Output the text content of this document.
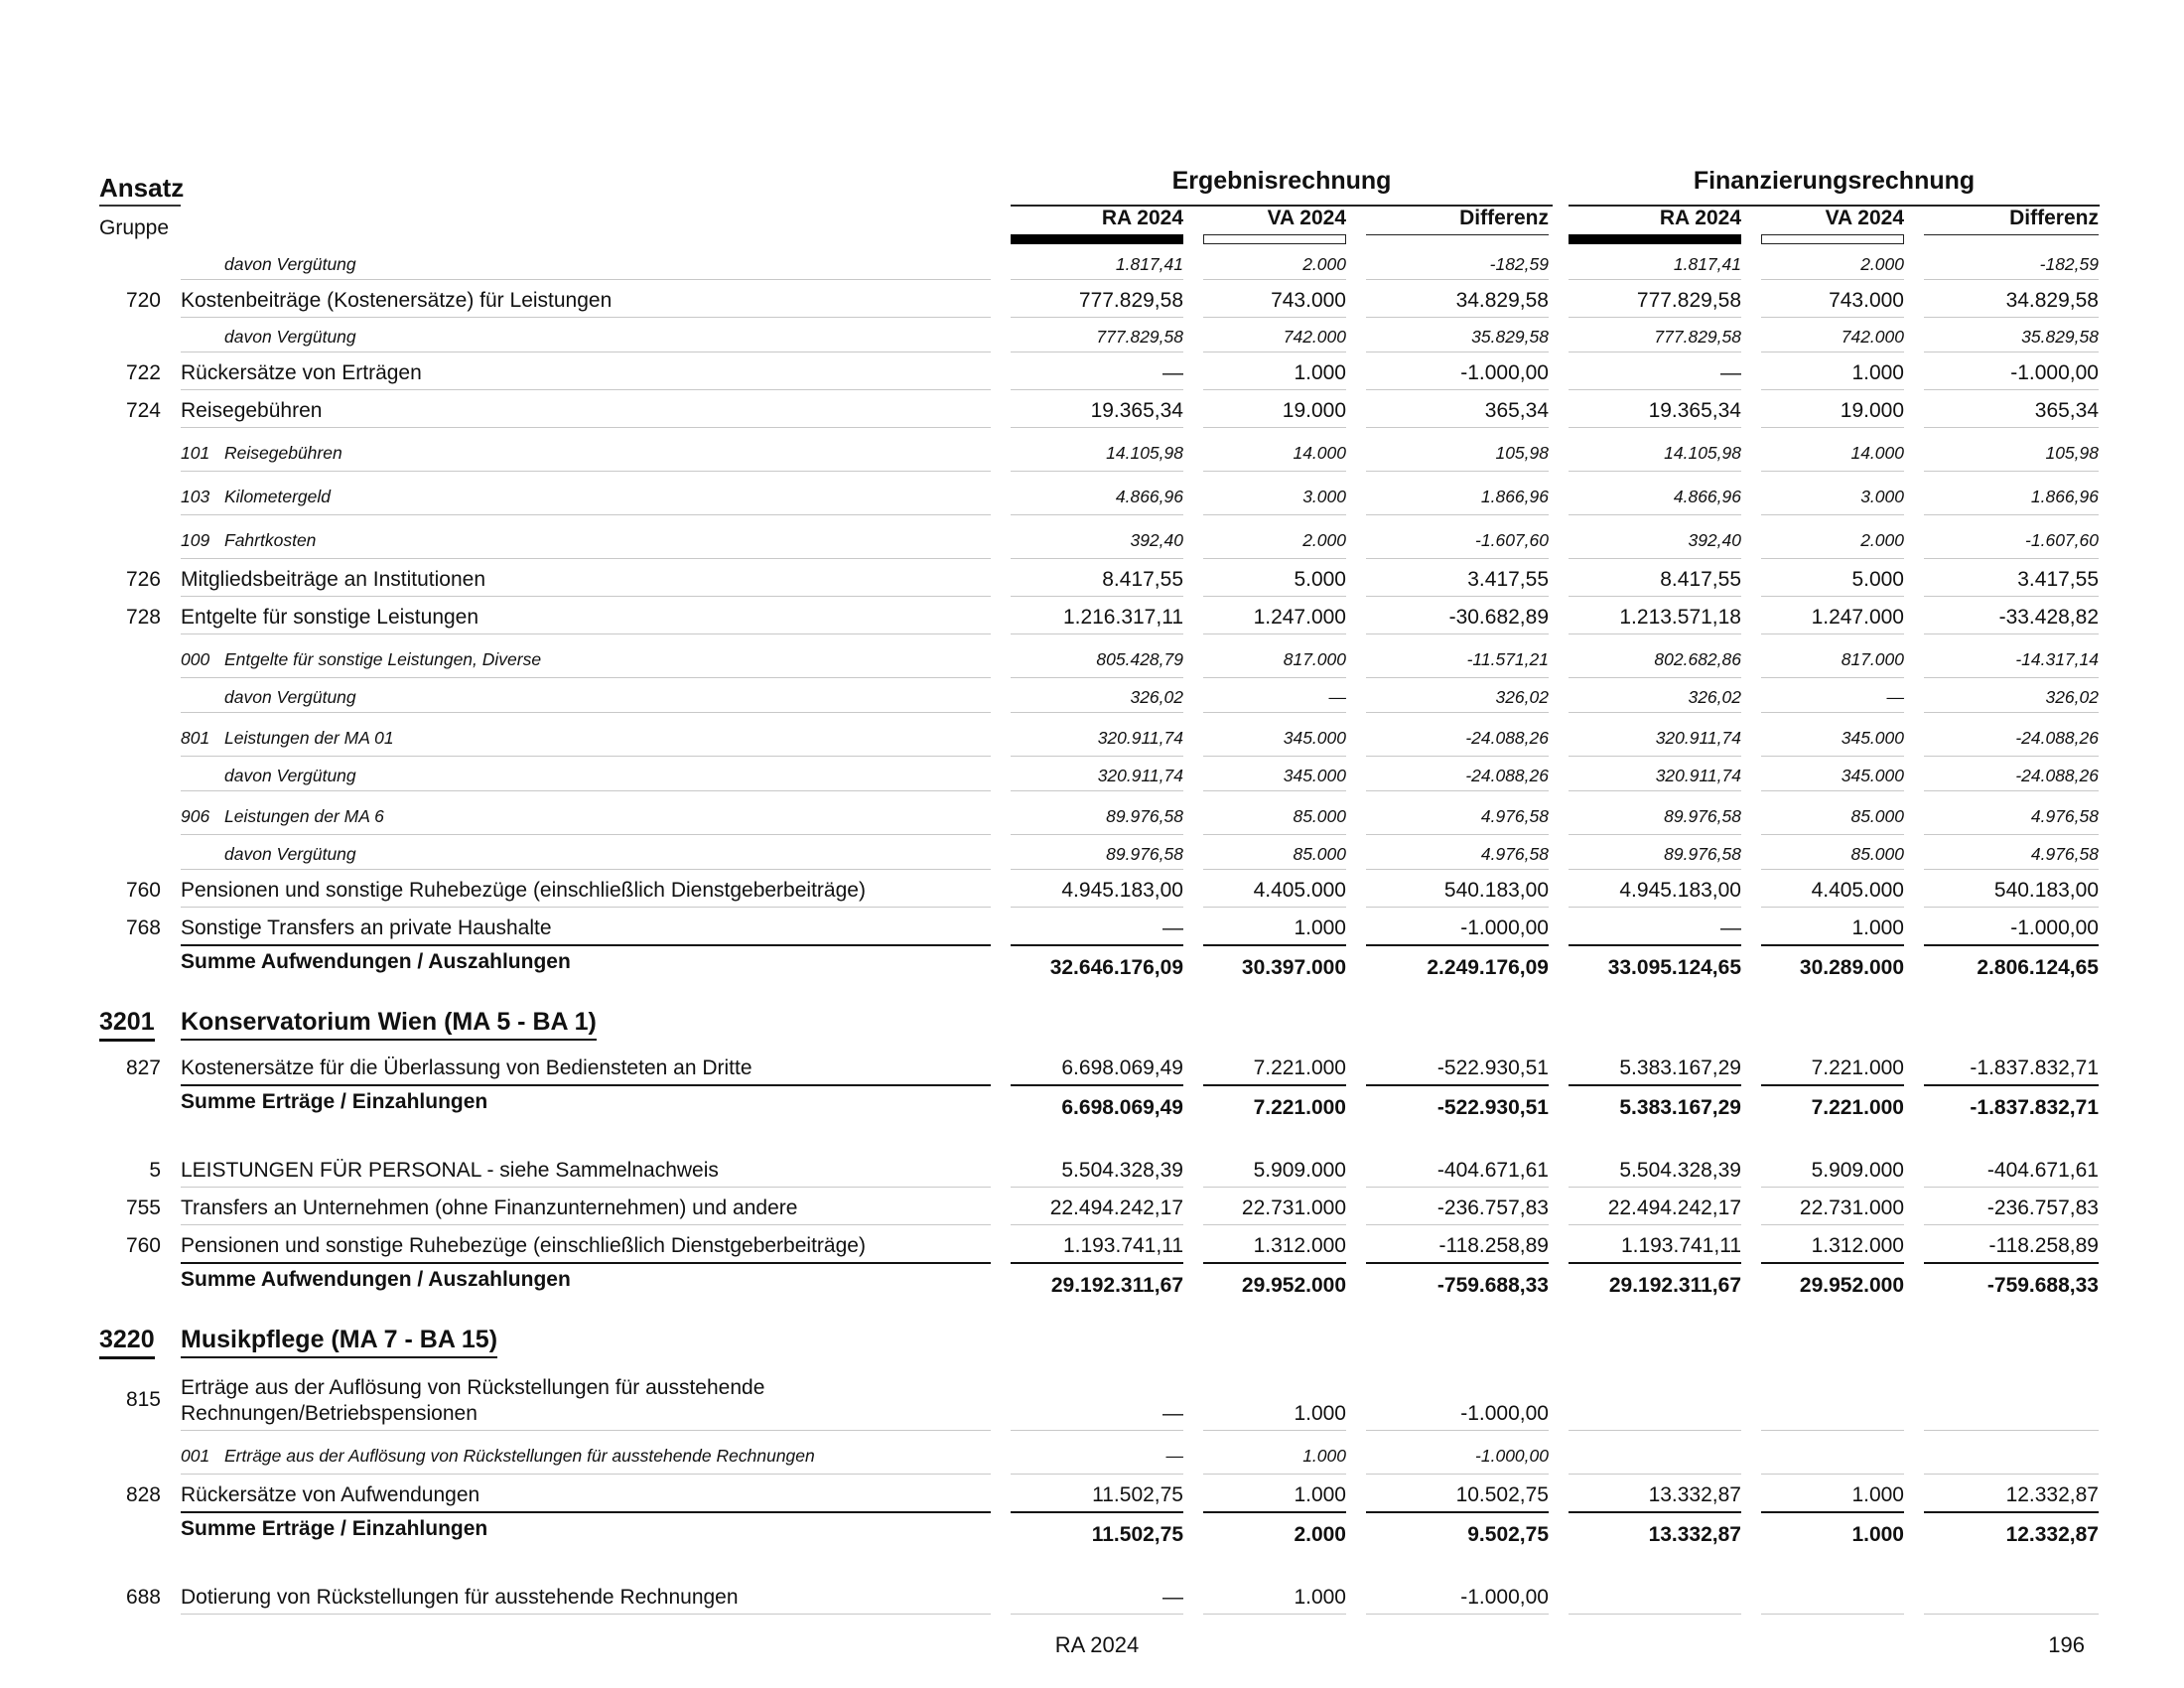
Ansatz
Gruppe
Ergebnisrechnung	Finanzierungsrechnung
RA 2024	VA 2024	Differenz	RA 2024	VA 2024	Differenz
davon Vergütung	1.817,41	2.000	-182,59	1.817,41	2.000	-182,59
720 Kostenbeiträge (Kostenersätze) für Leistungen	777.829,58	743.000	34.829,58	777.829,58	743.000	34.829,58
davon Vergütung	777.829,58	742.000	35.829,58	777.829,58	742.000	35.829,58
722 Rückersätze von Erträgen	—	1.000	-1.000,00	—	1.000	-1.000,00
724 Reisegebühren	19.365,34	19.000	365,34	19.365,34	19.000	365,34
101 Reisegebühren	14.105,98	14.000	105,98	14.105,98	14.000	105,98
103 Kilometergeld	4.866,96	3.000	1.866,96	4.866,96	3.000	1.866,96
109 Fahrtkosten	392,40	2.000	-1.607,60	392,40	2.000	-1.607,60
726 Mitgliedsbeiträge an Institutionen	8.417,55	5.000	3.417,55	8.417,55	5.000	3.417,55
728 Entgelte für sonstige Leistungen	1.216.317,11	1.247.000	-30.682,89	1.213.571,18	1.247.000	-33.428,82
000 Entgelte für sonstige Leistungen, Diverse	805.428,79	817.000	-11.571,21	802.682,86	817.000	-14.317,14
davon Vergütung	326,02	—	326,02	326,02	—	326,02
801 Leistungen der MA 01	320.911,74	345.000	-24.088,26	320.911,74	345.000	-24.088,26
davon Vergütung	320.911,74	345.000	-24.088,26	320.911,74	345.000	-24.088,26
906 Leistungen der MA 6	89.976,58	85.000	4.976,58	89.976,58	85.000	4.976,58
davon Vergütung	89.976,58	85.000	4.976,58	89.976,58	85.000	4.976,58
760 Pensionen und sonstige Ruhebezüge (einschließlich Dienstgeberbeiträge)	4.945.183,00	4.405.000	540.183,00	4.945.183,00	4.405.000	540.183,00
768 Sonstige Transfers an private Haushalte	—	1.000	-1.000,00	—	1.000	-1.000,00
Summe Aufwendungen / Auszahlungen	32.646.176,09	30.397.000	2.249.176,09	33.095.124,65	30.289.000	2.806.124,65
3201 Konservatorium Wien (MA 5 - BA 1)
827 Kostenersätze für die Überlassung von Bediensteten an Dritte	6.698.069,49	7.221.000	-522.930,51	5.383.167,29	7.221.000	-1.837.832,71
Summe Erträge / Einzahlungen	6.698.069,49	7.221.000	-522.930,51	5.383.167,29	7.221.000	-1.837.832,71
5 LEISTUNGEN FÜR PERSONAL - siehe Sammelnachweis	5.504.328,39	5.909.000	-404.671,61	5.504.328,39	5.909.000	-404.671,61
755 Transfers an Unternehmen (ohne Finanzunternehmen) und andere	22.494.242,17	22.731.000	-236.757,83	22.494.242,17	22.731.000	-236.757,83
760 Pensionen und sonstige Ruhebezüge (einschließlich Dienstgeberbeiträge)	1.193.741,11	1.312.000	-118.258,89	1.193.741,11	1.312.000	-118.258,89
Summe Aufwendungen / Auszahlungen	29.192.311,67	29.952.000	-759.688,33	29.192.311,67	29.952.000	-759.688,33
3220 Musikpflege (MA 7 - BA 15)
815
Erträge aus der Auflösung von Rückstellungen für ausstehende
Rechnungen/Betriebspensionen	—	1.000	-1.000,00
001 Erträge aus der Auflösung von Rückstellungen für ausstehende Rechnungen	—	1.000	-1.000,00
828 Rückersätze von Aufwendungen	11.502,75	1.000	10.502,75	13.332,87	1.000	12.332,87
Summe Erträge / Einzahlungen	11.502,75	2.000	9.502,75	13.332,87	1.000	12.332,87
688 Dotierung von Rückstellungen für ausstehende Rechnungen	—	1.000	-1.000,00
RA 2024	196
